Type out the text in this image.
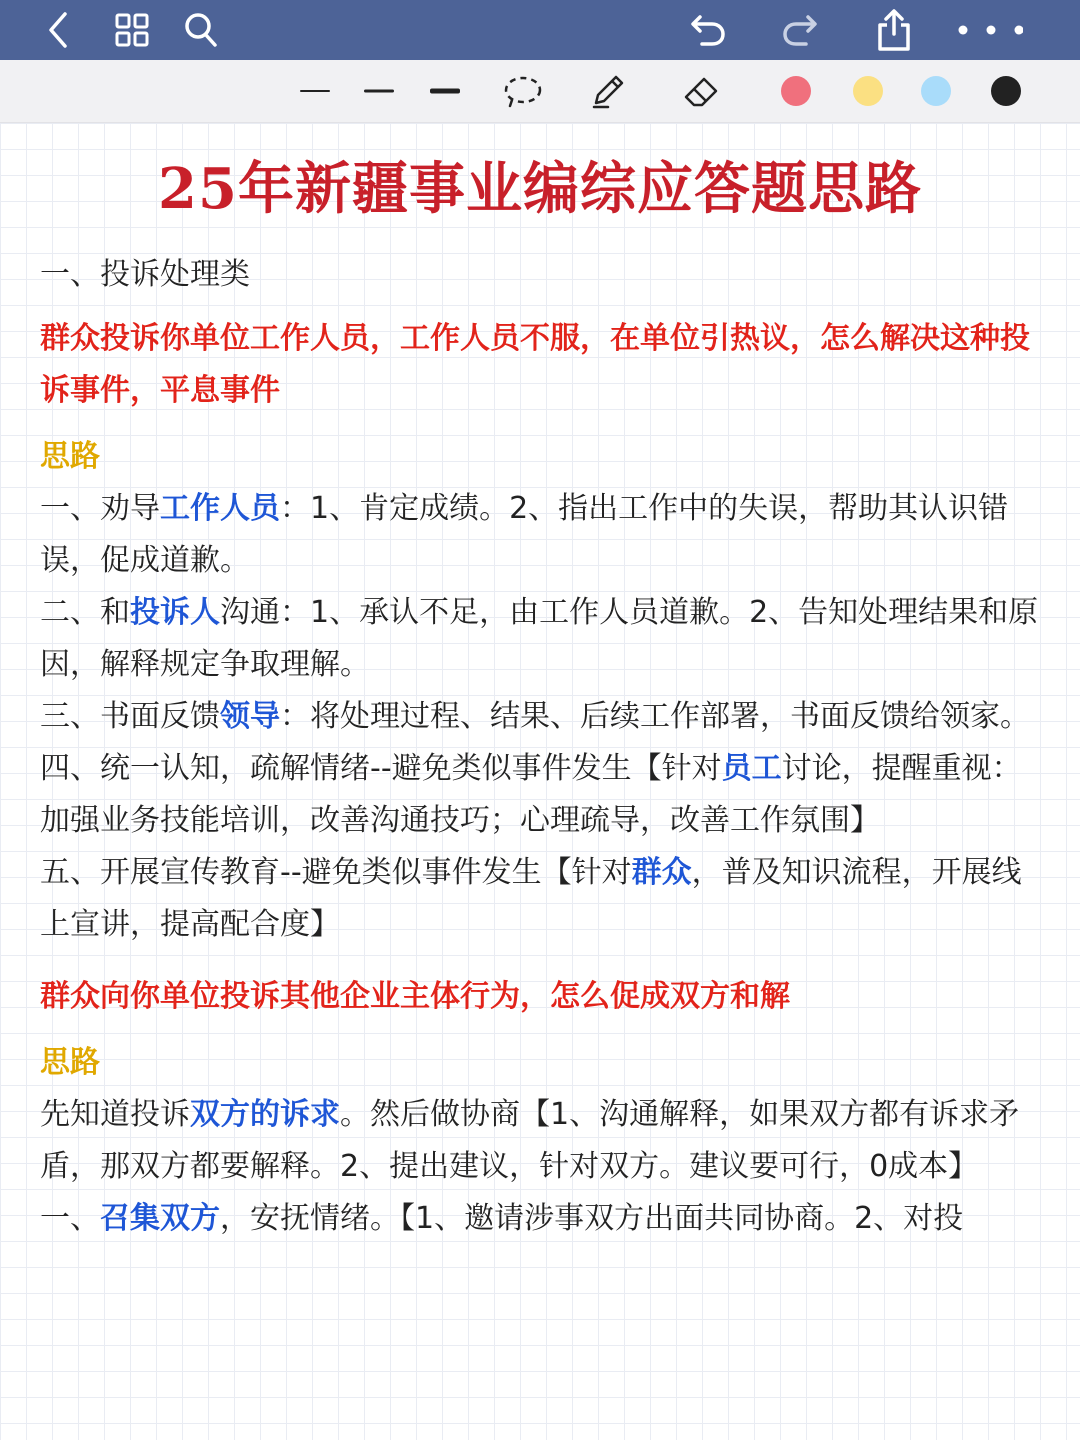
25年新疆事业编综应答题思路

一、投诉处理类

群众投诉你单位工作人员，工作人员不服，在单位引热议，怎么解决这种投诉事件，平息事件

思路

一、劝导工作人员：1、肯定成绩。2、指出工作中的失误，帮助其认识错误，促成道歉。

二、和投诉人沟通：1、承认不足，由工作人员道歉。2、告知处理结果和原因，解释规定争取理解。

三、书面反馈领导：将处理过程、结果、后续工作部署，书面反馈给领家。

四、统一认知，疏解情绪--避免类似事件发生【针对员工讨论，提醒重视：加强业务技能培训，改善沟通技巧；心理疏导，改善工作氛围】

五、开展宣传教育--避免类似事件发生【针对群众，普及知识流程，开展线上宣讲，提高配合度】

群众向你单位投诉其他企业主体行为，怎么促成双方和解

思路

先知道投诉双方的诉求。然后做协商【1、沟通解释，如果双方都有诉求矛盾，那双方都要解释。2、提出建议，针对双方。建议要可行，0成本】

一、召集双方，安抚情绪。【1、邀请涉事双方出面共同协商。2、对投
